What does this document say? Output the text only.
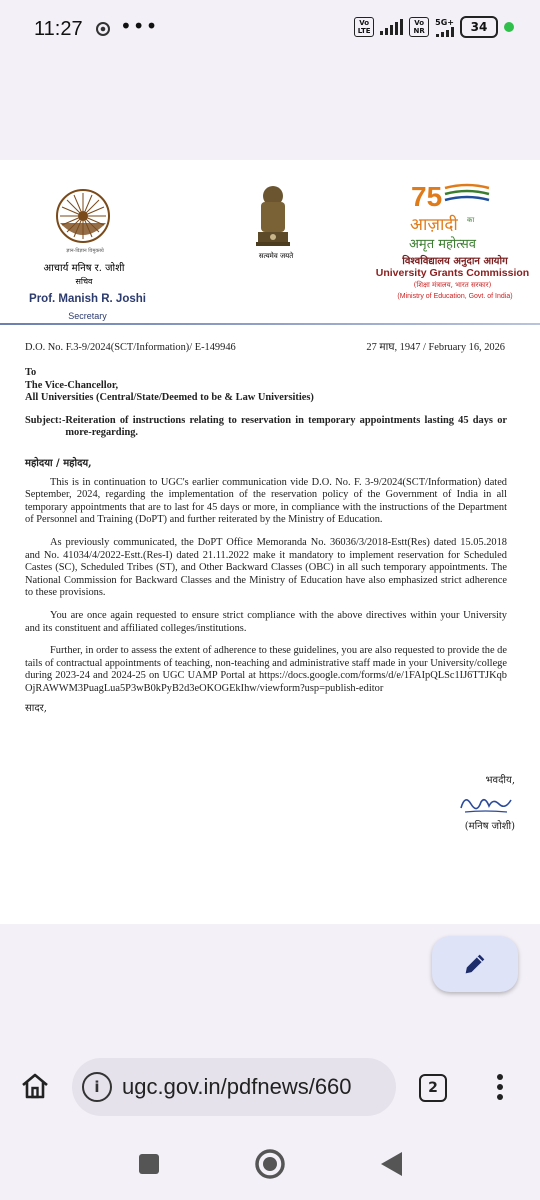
11:27 •••	Vo LTE
Vo NR
5G+	34
ज्ञान-विज्ञान विमुक्तये
आचार्य मनिष र. जोशी
सचिव
Prof. Manish R. Joshi
Secretary
सत्यमेव जयते
75
आज़ादी का
अमृत महोत्सव
विश्वविद्यालय अनुदान आयोग
University Grants Commission
(शिक्षा मंत्रालय, भारत सरकार)
(Ministry of Education, Govt. of India)
D.O. No. F.3-9/2024(SCT/Information)/ E-149946	27 माघ, 1947 / February 16, 2026
To
The Vice-Chancellor,
All Universities (Central/State/Deemed to be & Law Universities)
Subject:- Reiteration of instructions relating to reservation in temporary appointments lasting 45 days or more-regarding.
महोदया / महोदय,
This is in continuation to UGC's earlier communication vide D.O. No. F. 3-9/2024(SCT/Information) dated September, 2024, regarding the implementation of the reservation policy of the Government of India in all temporary appointments that are to last for 45 days or more, in compliance with the instructions of the Department of Personnel and Training (DoPT) and further reiterated by the Ministry of Education.
As previously communicated, the DoPT Office Memoranda No. 36036/3/2018-Estt(Res) dated 15.05.2018 and No. 41034/4/2022-Estt.(Res-I) dated 21.11.2022 make it mandatory to implement reservation for Scheduled Castes (SC), Scheduled Tribes (ST), and Other Backward Classes (OBC) in all such temporary appointments. The National Commission for Backward Classes and the Ministry of Education have also emphasized strict adherence to these provisions.
You are once again requested to ensure strict compliance with the above directives within your University and its constituent and affiliated colleges/institutions.
Further, in order to assess the extent of adherence to these guidelines, you are also requested to provide the details of contractual appointments of teaching, non-teaching and administrative staff made in your University/college during 2023-24 and 2024-25 on UGC UAMP Portal at https://docs.google.com/forms/d/e/1FAIpQLSc1IJ6TTJKqbOjRAWWM3PuagLua5P3wB0kPyB2d3eOKOGEkIhw/viewform?usp=publish-editor
सादर,
भवदीय,
(मनिष जोशी)
i	ugc.gov.in/pdfnews/660	2
